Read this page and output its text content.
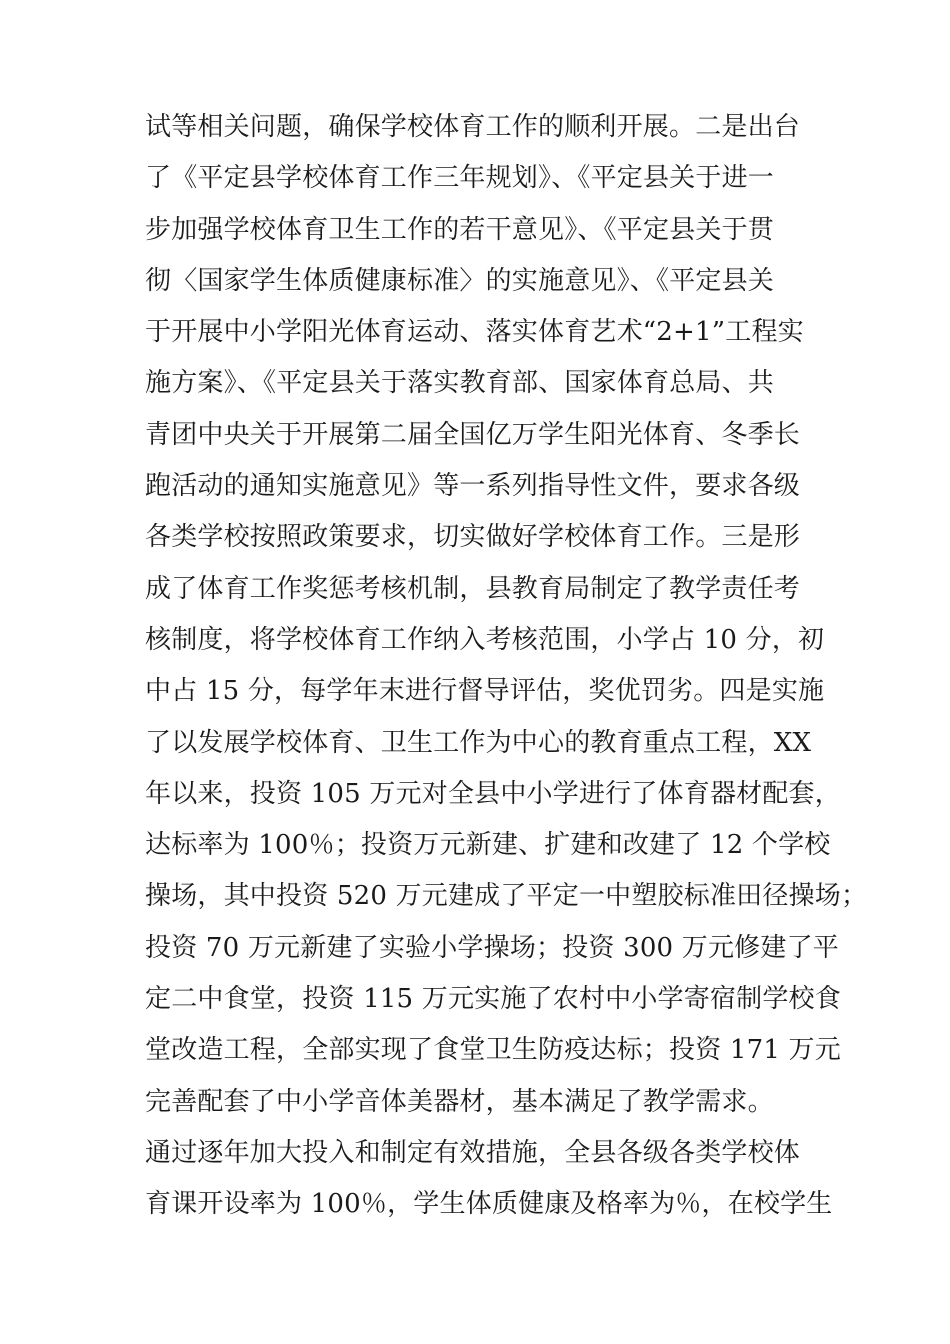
试等相关问题，确保学校体育工作的顺利开展。二是出台
了《平定县学校体育工作三年规划》、《平定县关于进一
步加强学校体育卫生工作的若干意见》、《平定县关于贯
彻〈国家学生体质健康标准〉的实施意见》、《平定县关
于开展中小学阳光体育运动、落实体育艺术“2+1”工程实
施方案》、《平定县关于落实教育部、国家体育总局、共
青团中央关于开展第二届全国亿万学生阳光体育、冬季长
跑活动的通知实施意见》等一系列指导性文件，要求各级
各类学校按照政策要求，切实做好学校体育工作。三是形
成了体育工作奖惩考核机制，县教育局制定了教学责任考
核制度，将学校体育工作纳入考核范围，小学占 10 分，初
中占 15 分，每学年末进行督导评估，奖优罚劣。四是实施
了以发展学校体育、卫生工作为中心的教育重点工程，XX
年以来，投资 105 万元对全县中小学进行了体育器材配套，
达标率为 100％；投资万元新建、扩建和改建了 12 个学校
操场，其中投资 520 万元建成了平定一中塑胶标准田径操场；
投资 70 万元新建了实验小学操场；投资 300 万元修建了平
定二中食堂，投资 115 万元实施了农村中小学寄宿制学校食
堂改造工程，全部实现了食堂卫生防疫达标；投资 171 万元
完善配套了中小学音体美器材，基本满足了教学需求。
通过逐年加大投入和制定有效措施，全县各级各类学校体
育课开设率为 100％，学生体质健康及格率为％，在校学生
